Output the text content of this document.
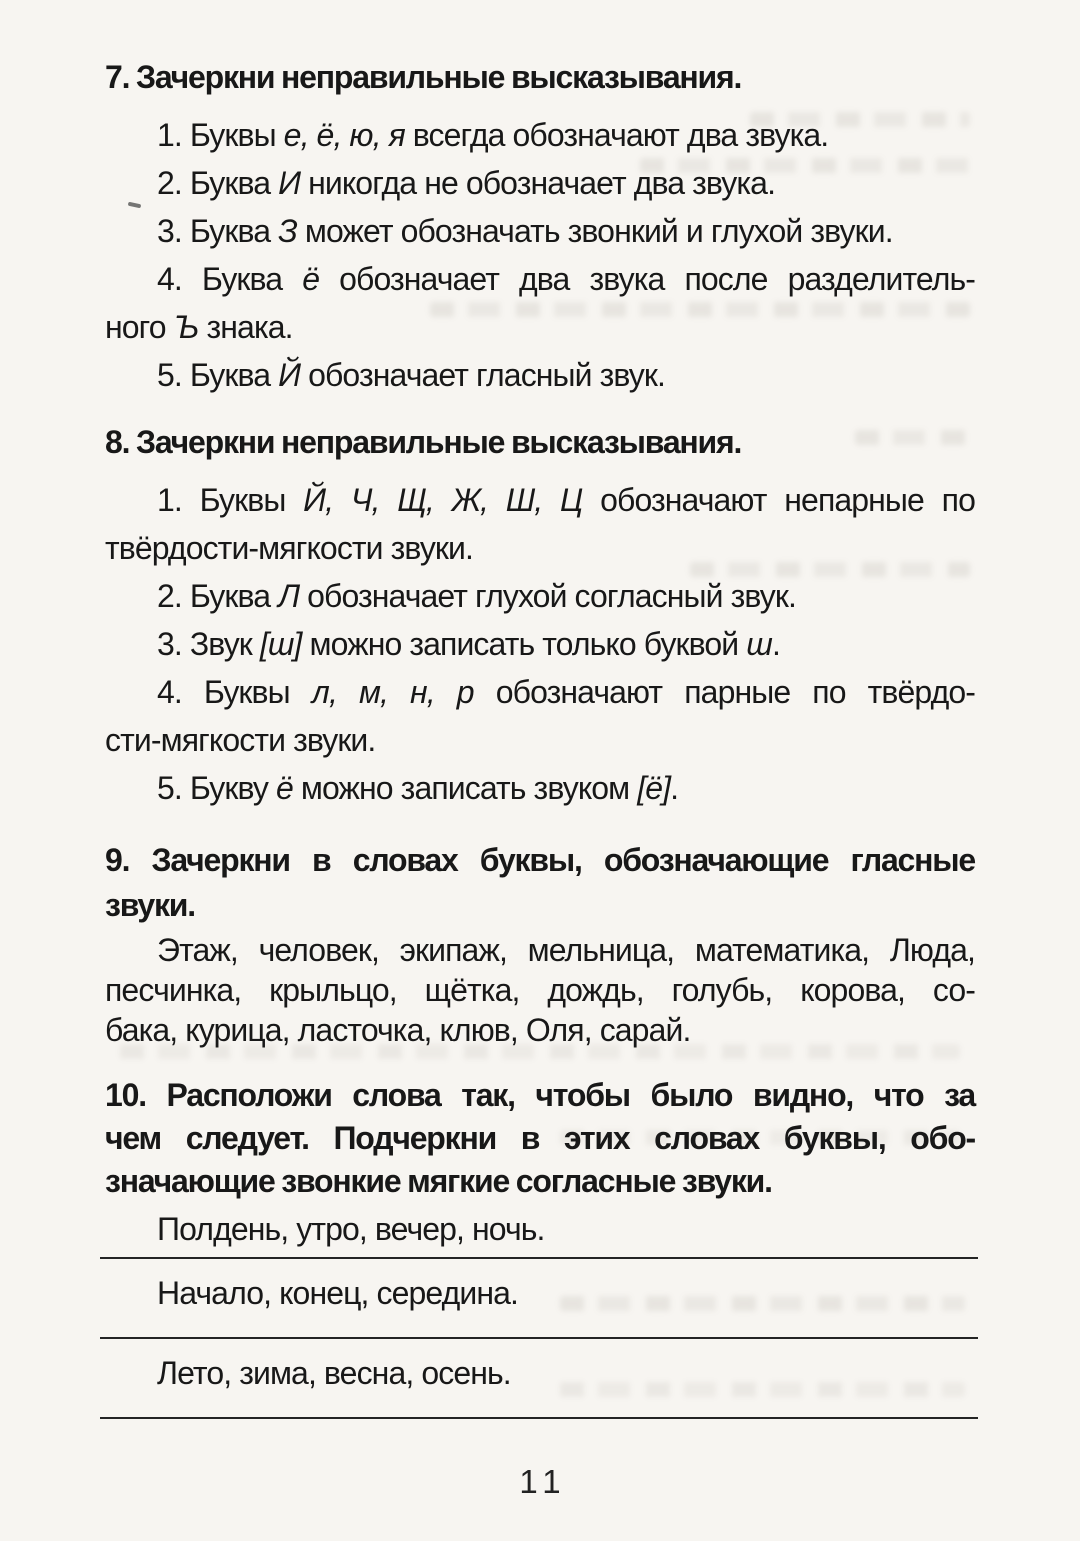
7. Зачеркни неправильные высказывания.

1. Буквы е, ё, ю, я всегда обозначают два звука.

2. Буква И никогда не обозначает два звука.

3. Буква З может обозначать звонкий и глухой звуки.

4. Буква ё обозначает два звука после разделитель-

ного Ъ знака.

5. Буква Й обозначает гласный звук.

8. Зачеркни неправильные высказывания.

1. Буквы Й, Ч, Щ, Ж, Ш, Ц обозначают непарные по

твёрдости-мягкости звуки.

2. Буква Л обозначает глухой согласный звук.

3. Звук [ш] можно записать только буквой ш.

4. Буквы л, м, н, р обозначают парные по твёрдо-

сти-мягкости звуки.

5. Букву ё можно записать звуком [ё].

9. Зачеркни в словах буквы, обозначающие гласные

звуки.

Этаж, человек, экипаж, мельница, математика, Люда,

песчинка, крыльцо, щётка, дождь, голубь, корова, со-

бака, курица, ласточка, клюв, Оля, сарай.

10. Расположи слова так, чтобы было видно, что за

чем следует. Подчеркни в этих словах буквы, обо-

значающие звонкие мягкие согласные звуки.

Полдень, утро, вечер, ночь.

Начало, конец, середина.

Лето, зима, весна, осень.

11
